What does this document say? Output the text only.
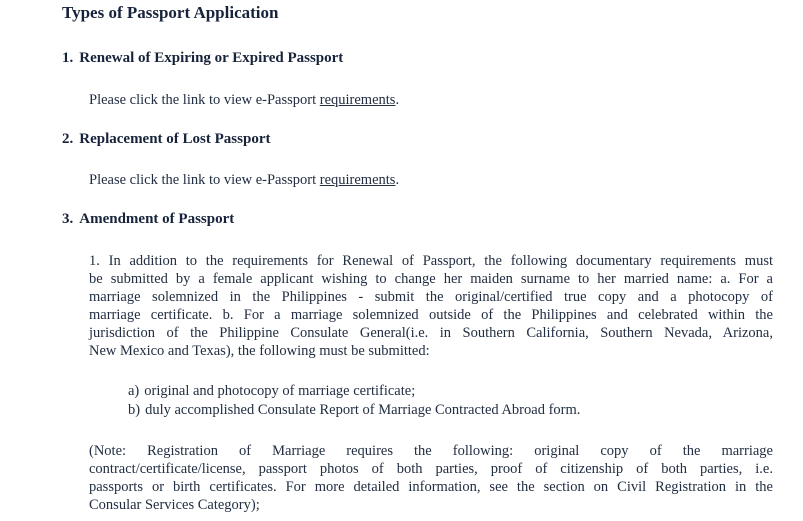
Types of Passport Application
1. Renewal of Expiring or Expired Passport
Please click the link to view e-Passport requirements.
2. Replacement of Lost Passport
Please click the link to view e-Passport requirements.
3. Amendment of Passport
1. In addition to the requirements for Renewal of Passport, the following documentary requirements must
be submitted by a female applicant wishing to change her maiden surname to her married name: a. For a
marriage solemnized in the Philippines - submit the original/certified true copy and a photocopy of
marriage certificate. b. For a marriage solemnized outside of the Philippines and celebrated within the
jurisdiction of the Philippine Consulate General(i.e. in Southern California, Southern Nevada, Arizona,
New Mexico and Texas), the following must be submitted:
a) original and photocopy of marriage certificate;
b) duly accomplished Consulate Report of Marriage Contracted Abroad form.
(Note: Registration of Marriage requires the following: original copy of the marriage
contract/certificate/license, passport photos of both parties, proof of citizenship of both parties, i.e.
passports or birth certificates. For more detailed information, see the section on Civil Registration in the
Consular Services Category);
